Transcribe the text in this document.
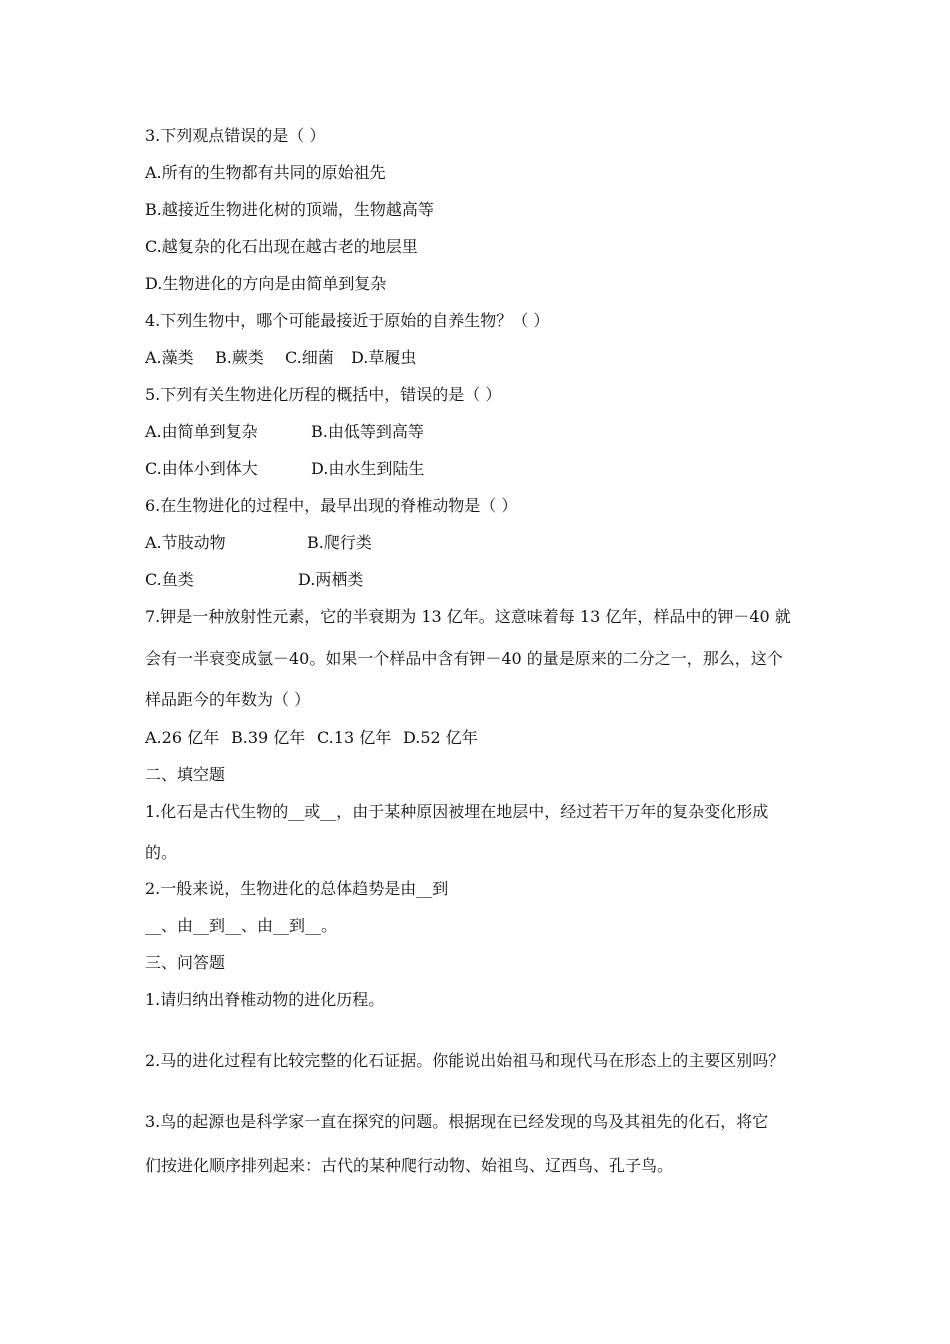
3.下列观点错误的是（ ）
A.所有的生物都有共同的原始祖先
B.越接近生物进化树的顶端，生物越高等
C.越复杂的化石出现在越古老的地层里
D.生物进化的方向是由简单到复杂
4.下列生物中，哪个可能最接近于原始的自养生物？（ ）
A.藻类 B.蕨类 C.细菌 D.草履虫
5.下列有关生物进化历程的概括中，错误的是（ ）
A.由简单到复杂	B.由低等到高等
C.由体小到体大	D.由水生到陆生
6.在生物进化的过程中，最早出现的脊椎动物是（ ）
A.节肢动物	B.爬行类
C.鱼类	D.两栖类
7.钾是一种放射性元素，它的半衰期为 13 亿年。这意味着每 13 亿年，样品中的钾－40 就
会有一半衰变成氩－40。如果一个样品中含有钾－40 的量是原来的二分之一，那么，这个
样品距今的年数为（ ）
A.26 亿年 B.39 亿年 C.13 亿年 D.52 亿年
二、填空题
1.化石是古代生物的__或__，由于某种原因被埋在地层中，经过若干万年的复杂变化形成
的。
2.一般来说，生物进化的总体趋势是由__到
__、由__到__、由__到__。
三、问答题
1.请归纳出脊椎动物的进化历程。
2.马的进化过程有比较完整的化石证据。你能说出始祖马和现代马在形态上的主要区别吗？
3.鸟的起源也是科学家一直在探究的问题。根据现在已经发现的鸟及其祖先的化石，将它
们按进化顺序排列起来：古代的某种爬行动物、始祖鸟、辽西鸟、孔子鸟。
